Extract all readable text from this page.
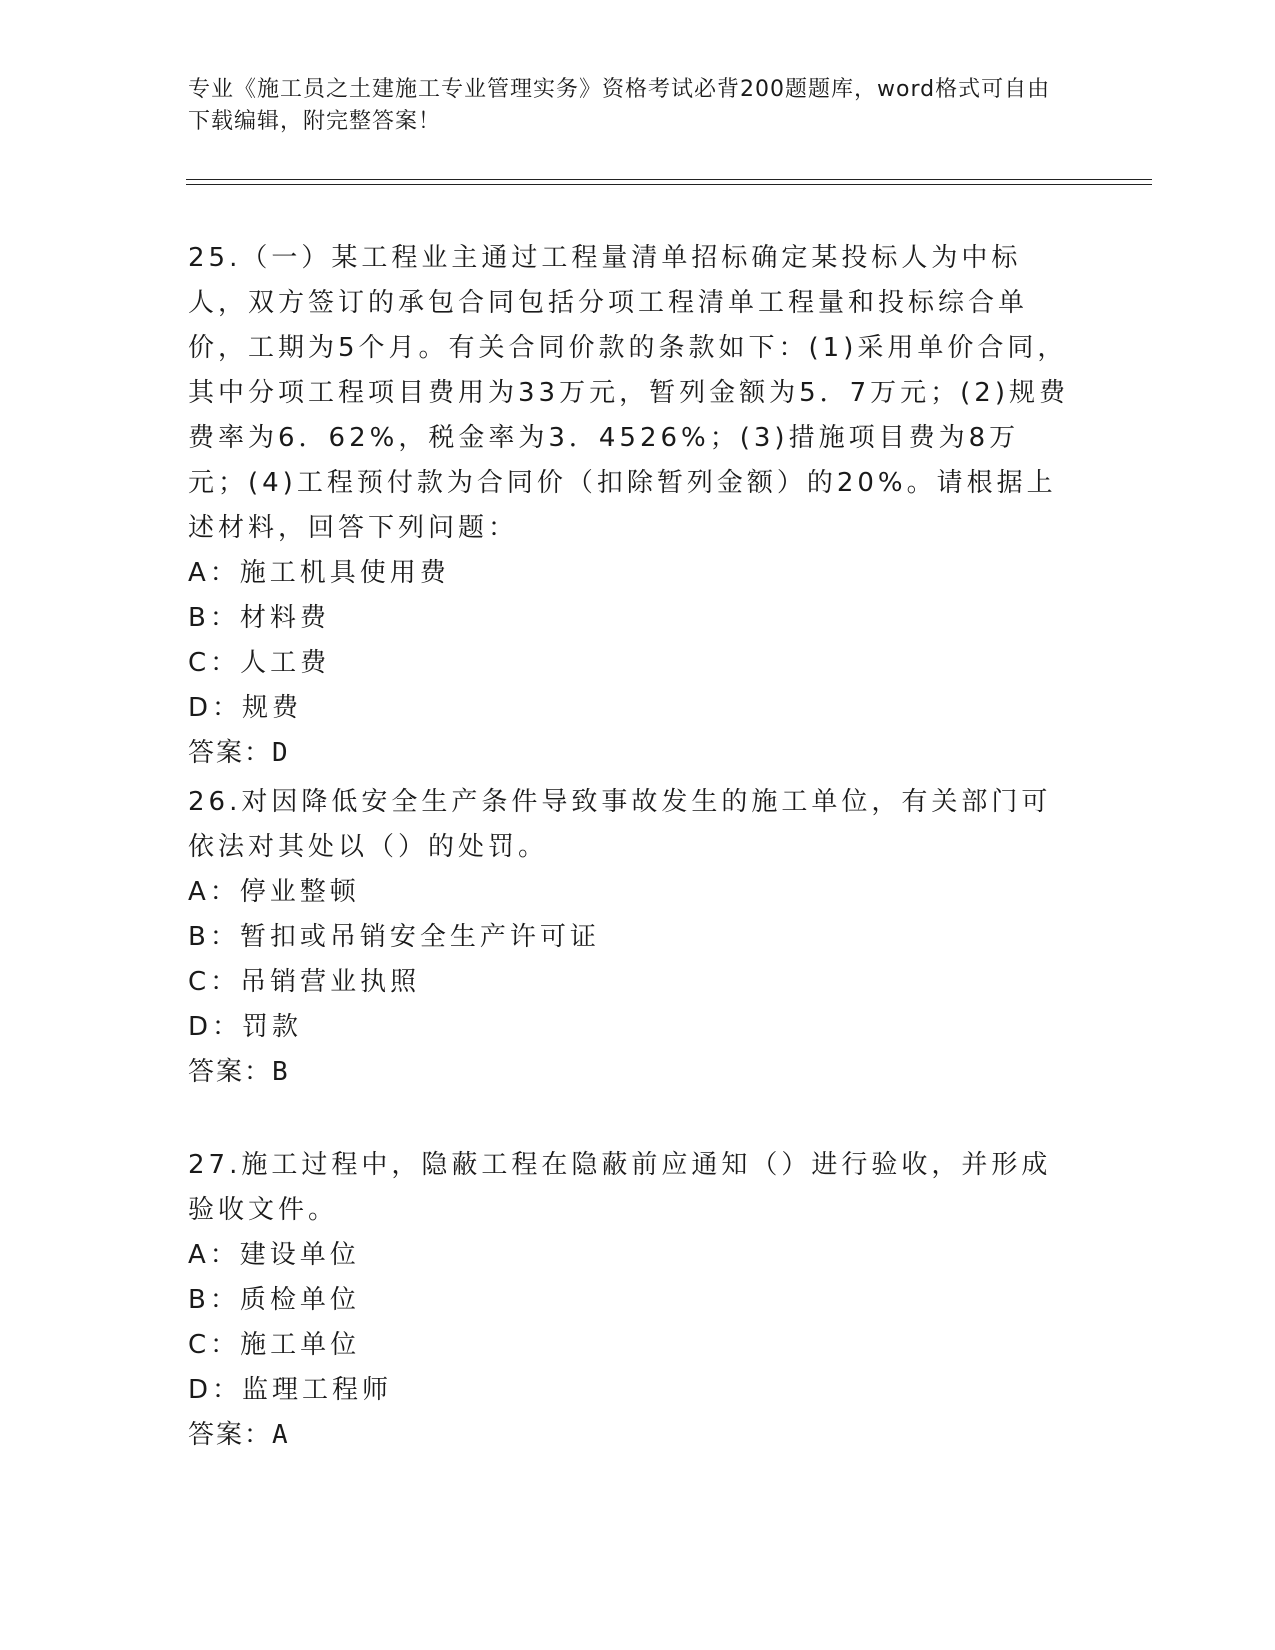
专业《施工员之土建施工专业管理实务》资格考试必背200题题库，word格式可自由下载编辑，附完整答案！

25.（一）某工程业主通过工程量清单招标确定某投标人为中标人，双方签订的承包合同包括分项工程清单工程量和投标综合单价，工期为5个月。有关合同价款的条款如下：(1)采用单价合同，其中分项工程项目费用为33万元，暂列金额为5．7万元；(2)规费费率为6．62%，税金率为3．4526%；(3)措施项目费为8万元；(4)工程预付款为合同价（扣除暂列金额）的20%。请根据上述材料，回答下列问题：

A：施工机具使用费

B：材料费

C：人工费

D：规费

答案：D

26.对因降低安全生产条件导致事故发生的施工单位，有关部门可依法对其处以（）的处罚。

A：停业整顿

B：暂扣或吊销安全生产许可证

C：吊销营业执照

D：罚款

答案：B

27.施工过程中，隐蔽工程在隐蔽前应通知（）进行验收，并形成验收文件。

A：建设单位

B：质检单位

C：施工单位

D：监理工程师

答案：A
